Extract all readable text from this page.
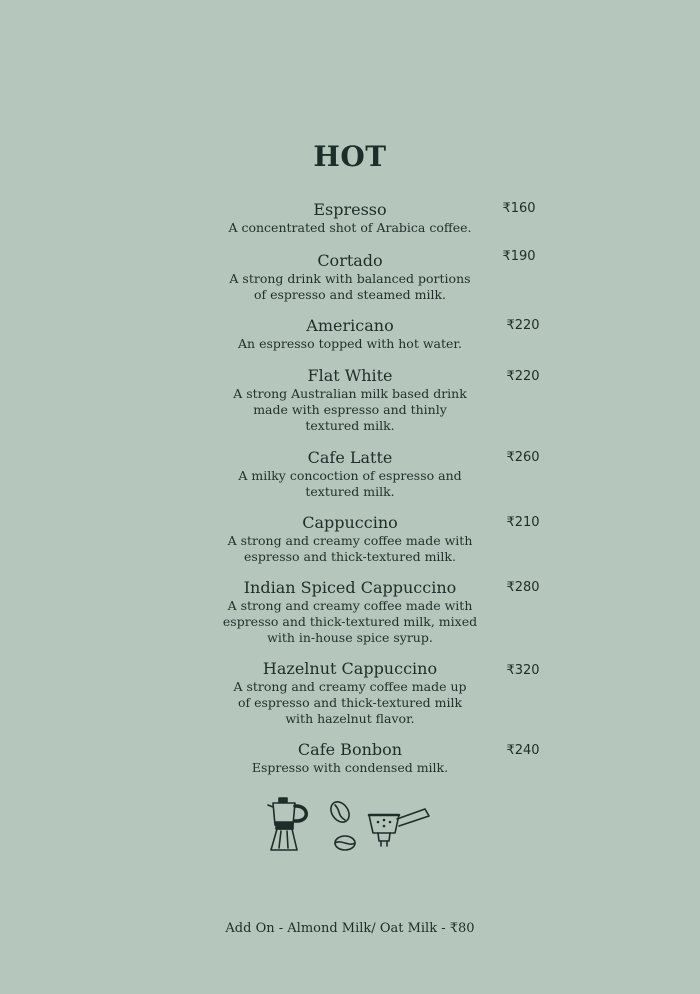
HOT
Espresso
A concentrated shot of Arabica coffee.
₹160
Cortado
A strong drink with balanced portions of espresso and steamed milk.
₹190
Americano
An espresso topped with hot water.
₹220
Flat White
A strong Australian milk based drink made with espresso and thinly textured milk.
₹220
Cafe Latte
A milky concoction of espresso and textured milk.
₹260
Cappuccino
A strong and creamy coffee made with espresso and thick-textured milk.
₹210
Indian Spiced Cappuccino
A strong and creamy coffee made with espresso and thick-textured milk, mixed with in-house spice syrup.
₹280
Hazelnut Cappuccino
A strong and creamy coffee made up of espresso and thick-textured milk with hazelnut flavor.
₹320
Cafe Bonbon
Espresso with condensed milk.
₹240
Add On - Almond Milk/ Oat Milk - ₹80
